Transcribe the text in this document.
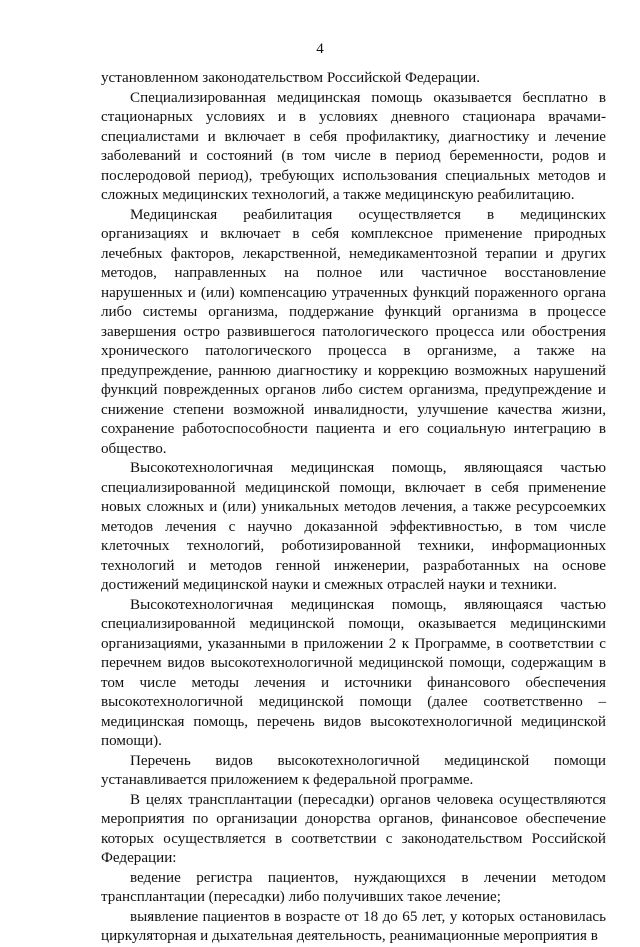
4

установленном законодательством Российской Федерации.

Специализированная медицинская помощь оказывается бесплатно в стационарных условиях и в условиях дневного стационара врачами-специалистами и включает в себя профилактику, диагностику и лечение заболеваний и состояний (в том числе в период беременности, родов и послеродовой период), требующих использования специальных методов и сложных медицинских технологий, а также медицинскую реабилитацию.

Медицинская реабилитация осуществляется в медицинских организациях и включает в себя комплексное применение природных лечебных факторов, лекарственной, немедикаментозной терапии и других методов, направленных на полное или частичное восстановление нарушенных и (или) компенсацию утраченных функций пораженного органа либо системы организма, поддержание функций организма в процессе завершения остро развившегося патологического процесса или обострения хронического патологического процесса в организме, а также на предупреждение, раннюю диагностику и коррекцию возможных нарушений функций поврежденных органов либо систем организма, предупреждение и снижение степени возможной инвалидности, улучшение качества жизни, сохранение работоспособности пациента и его социальную интеграцию в общество.

Высокотехнологичная медицинская помощь, являющаяся частью специализированной медицинской помощи, включает в себя применение новых сложных и (или) уникальных методов лечения, а также ресурсоемких методов лечения с научно доказанной эффективностью, в том числе клеточных технологий, роботизированной техники, информационных технологий и методов генной инженерии, разработанных на основе достижений медицинской науки и смежных отраслей науки и техники.

Высокотехнологичная медицинская помощь, являющаяся частью специализированной медицинской помощи, оказывается медицинскими организациями, указанными в приложении 2 к Программе, в соответствии с перечнем видов высокотехнологичной медицинской помощи, содержащим в том числе методы лечения и источники финансового обеспечения высокотехнологичной медицинской помощи (далее соответственно – медицинская помощь, перечень видов высокотехнологичной медицинской помощи).

Перечень видов высокотехнологичной медицинской помощи устанавливается приложением к федеральной программе.

В целях трансплантации (пересадки) органов человека осуществляются мероприятия по организации донорства органов, финансовое обеспечение которых осуществляется в соответствии с законодательством Российской Федерации:

ведение регистра пациентов, нуждающихся в лечении методом трансплантации (пересадки) либо получивших такое лечение;

выявление пациентов в возрасте от 18 до 65 лет, у которых остановилась циркуляторная и дыхательная деятельность, реанимационные мероприятия в
